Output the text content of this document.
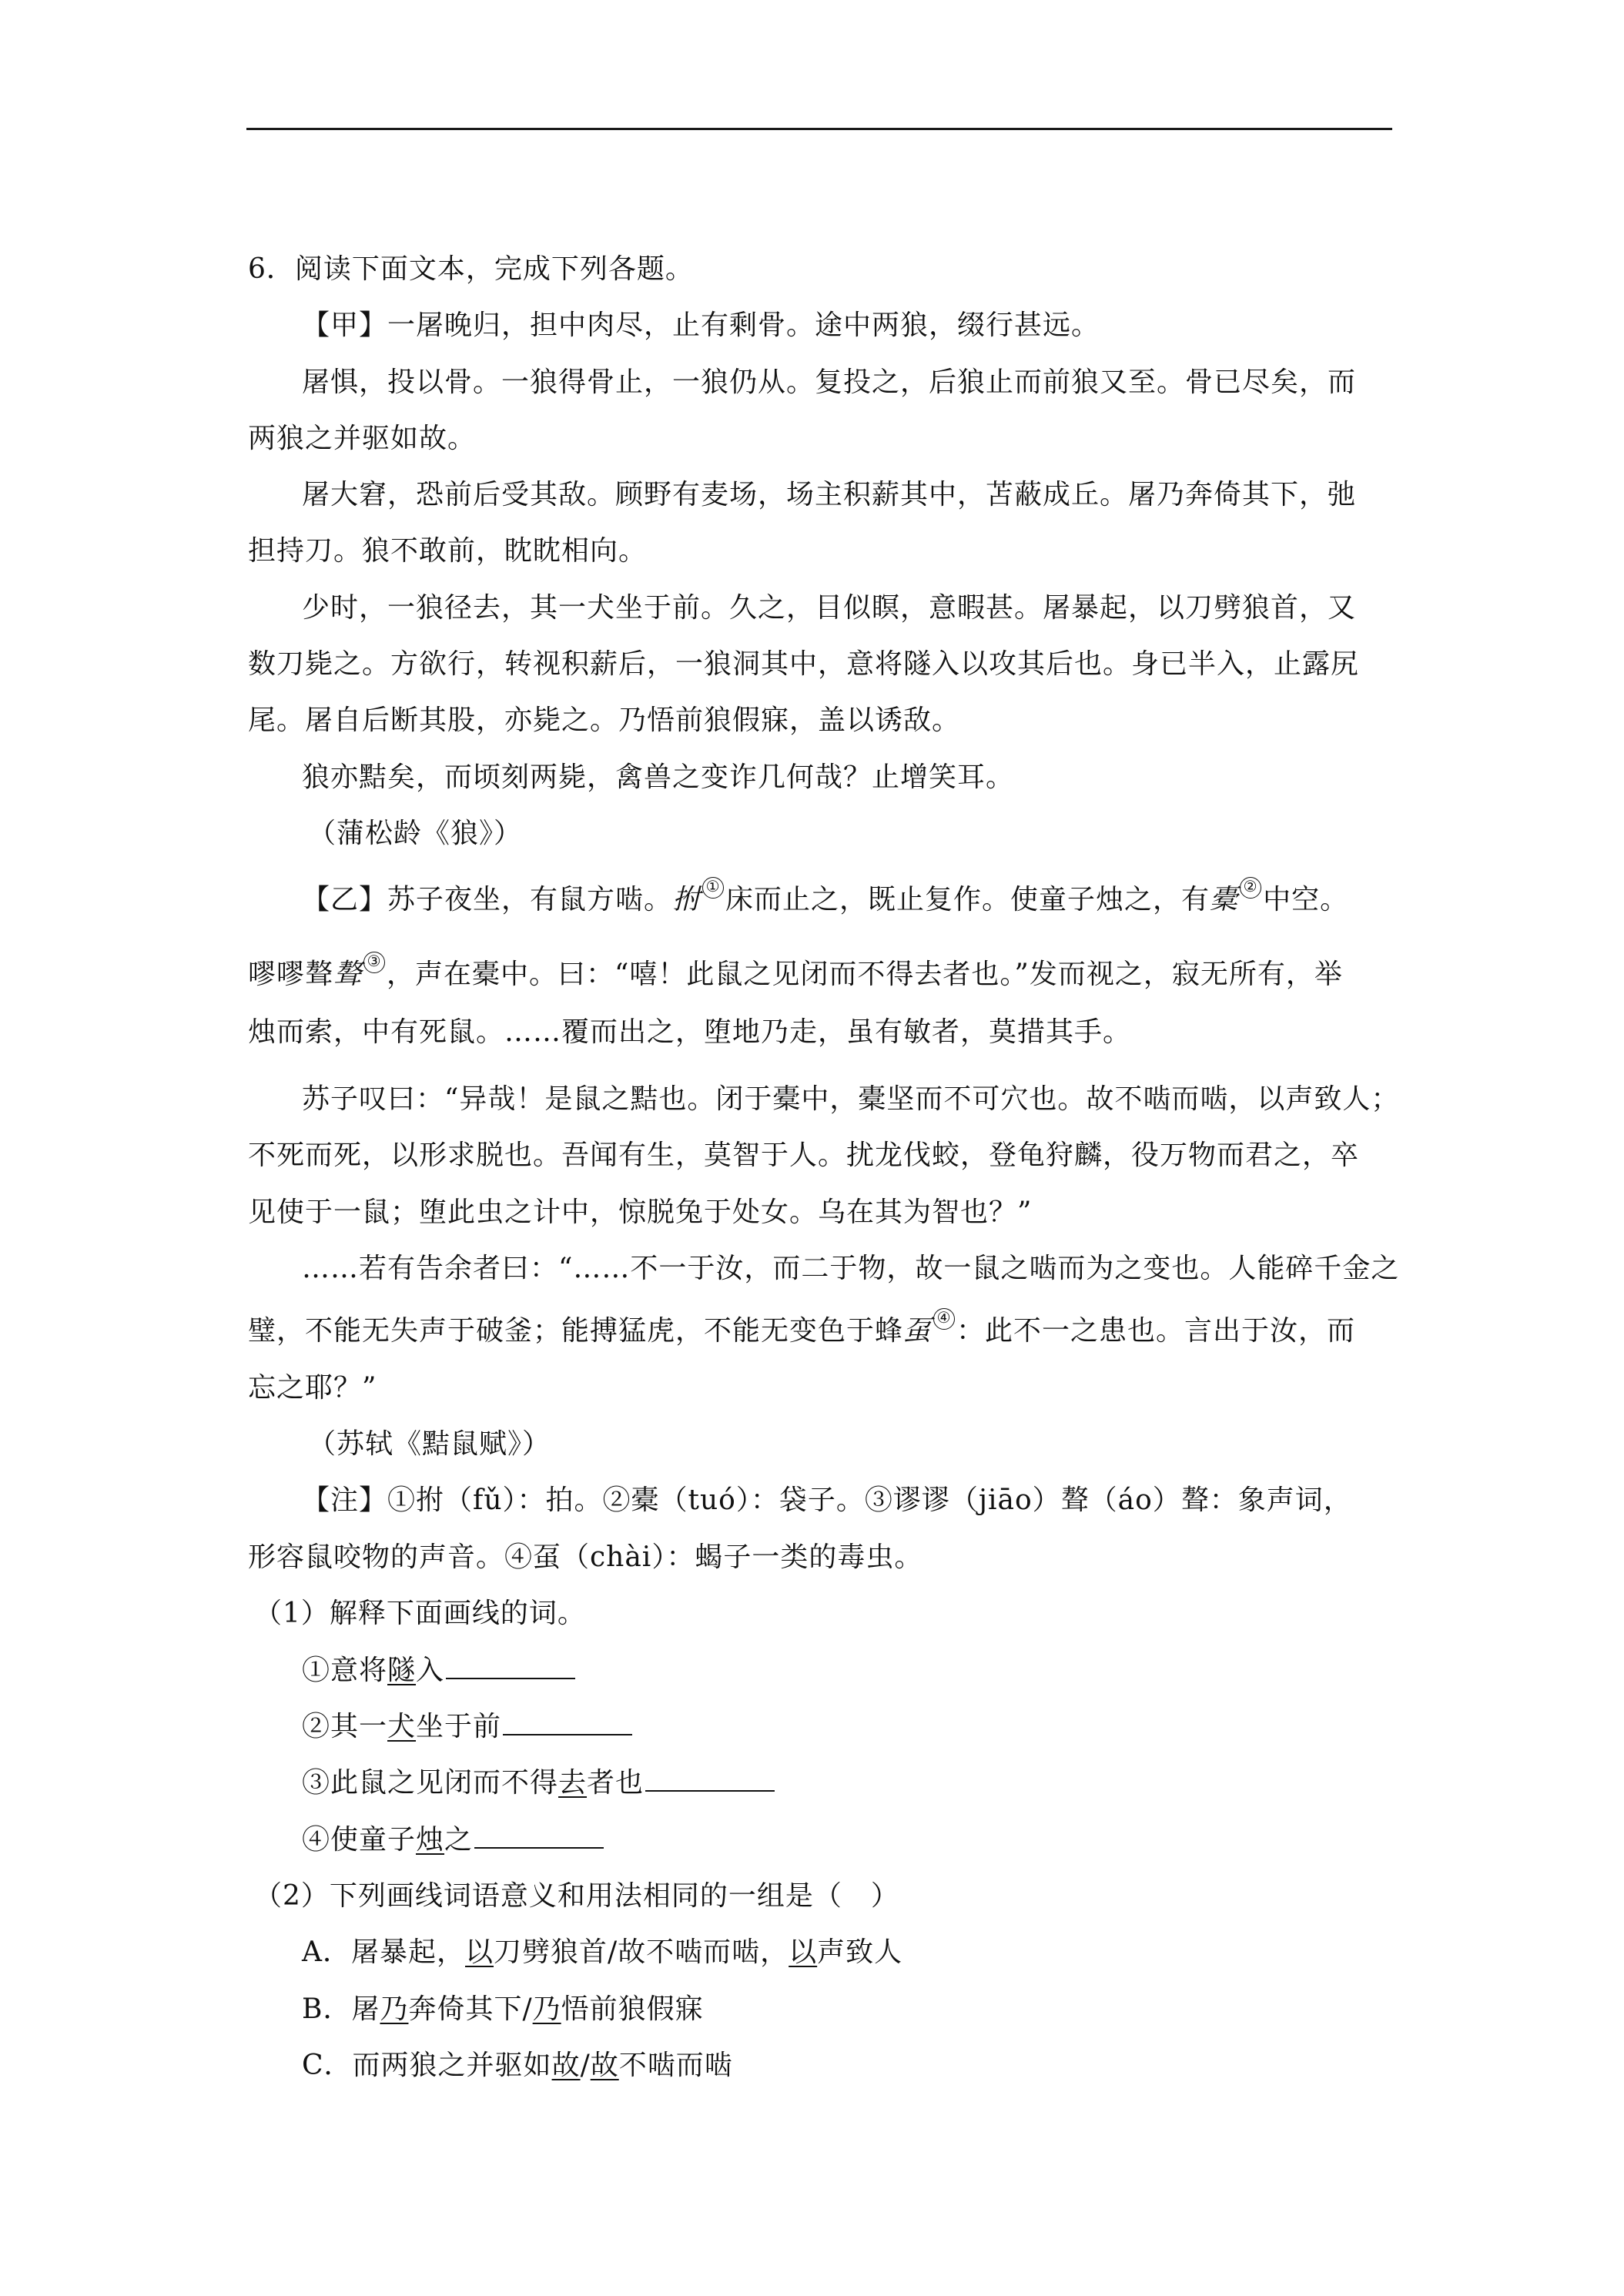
6．阅读下面文本，完成下列各题。
【甲】一屠晚归，担中肉尽，止有剩骨。途中两狼，缀行甚远。
屠惧，投以骨。一狼得骨止，一狼仍从。复投之，后狼止而前狼又至。骨已尽矣，而
两狼之并驱如故。
屠大窘，恐前后受其敌。顾野有麦场，场主积薪其中，苫蔽成丘。屠乃奔倚其下，弛
担持刀。狼不敢前，眈眈相向。
少时，一狼径去，其一犬坐于前。久之，目似瞑，意暇甚。屠暴起，以刀劈狼首，又
数刀毙之。方欲行，转视积薪后，一狼洞其中，意将隧入以攻其后也。身已半入，止露尻
尾。屠自后断其股，亦毙之。乃悟前狼假寐，盖以诱敌。
狼亦黠矣，而顷刻两毙，禽兽之变诈几何哉？止增笑耳。
（蒲松龄《狼》）
【乙】苏子夜坐，有鼠方啮。拊 ① 床而止之，既止复作。使童子烛之，有橐 ② 中空。
嘐嘐聱聱 ③ ，声在橐中。曰：“嘻！此鼠之见闭而不得去者也。”发而视之，寂无所有，举
烛而索，中有死鼠。……覆而出之，堕地乃走，虽有敏者，莫措其手。
苏子叹曰：“异哉！是鼠之黠也。闭于橐中，橐坚而不可穴也。故不啮而啮，以声致人；
不死而死，以形求脱也。吾闻有生，莫智于人。扰龙伐蛟，登龟狩麟，役万物而君之，卒
见使于一鼠；堕此虫之计中，惊脱兔于处女。乌在其为智也？”
……若有告余者曰：“……不一于汝，而二于物，故一鼠之啮而为之变也。人能碎千金之
璧，不能无失声于破釜；能搏猛虎，不能无变色于蜂虿 ④ ：此不一之患也。言出于汝，而
忘之耶？”
（苏轼《黠鼠赋》）
【注】①拊（fǔ）：拍。②橐（tuó）：袋子。③谬谬（jiāo）聱（áo）聱：象声词，
形容鼠咬物的声音。④虿（chài）：蝎子一类的毒虫。
（1）解释下面画线的词。
①意将隧入
②其一犬坐于前
③此鼠之见闭而不得去者也
④使童子烛之
（2）下列画线词语意义和用法相同的一组是（　）
A．屠暴起，以刀劈狼首/故不啮而啮，以声致人
B．屠乃奔倚其下/乃悟前狼假寐
C．而两狼之并驱如故/故不啮而啮
